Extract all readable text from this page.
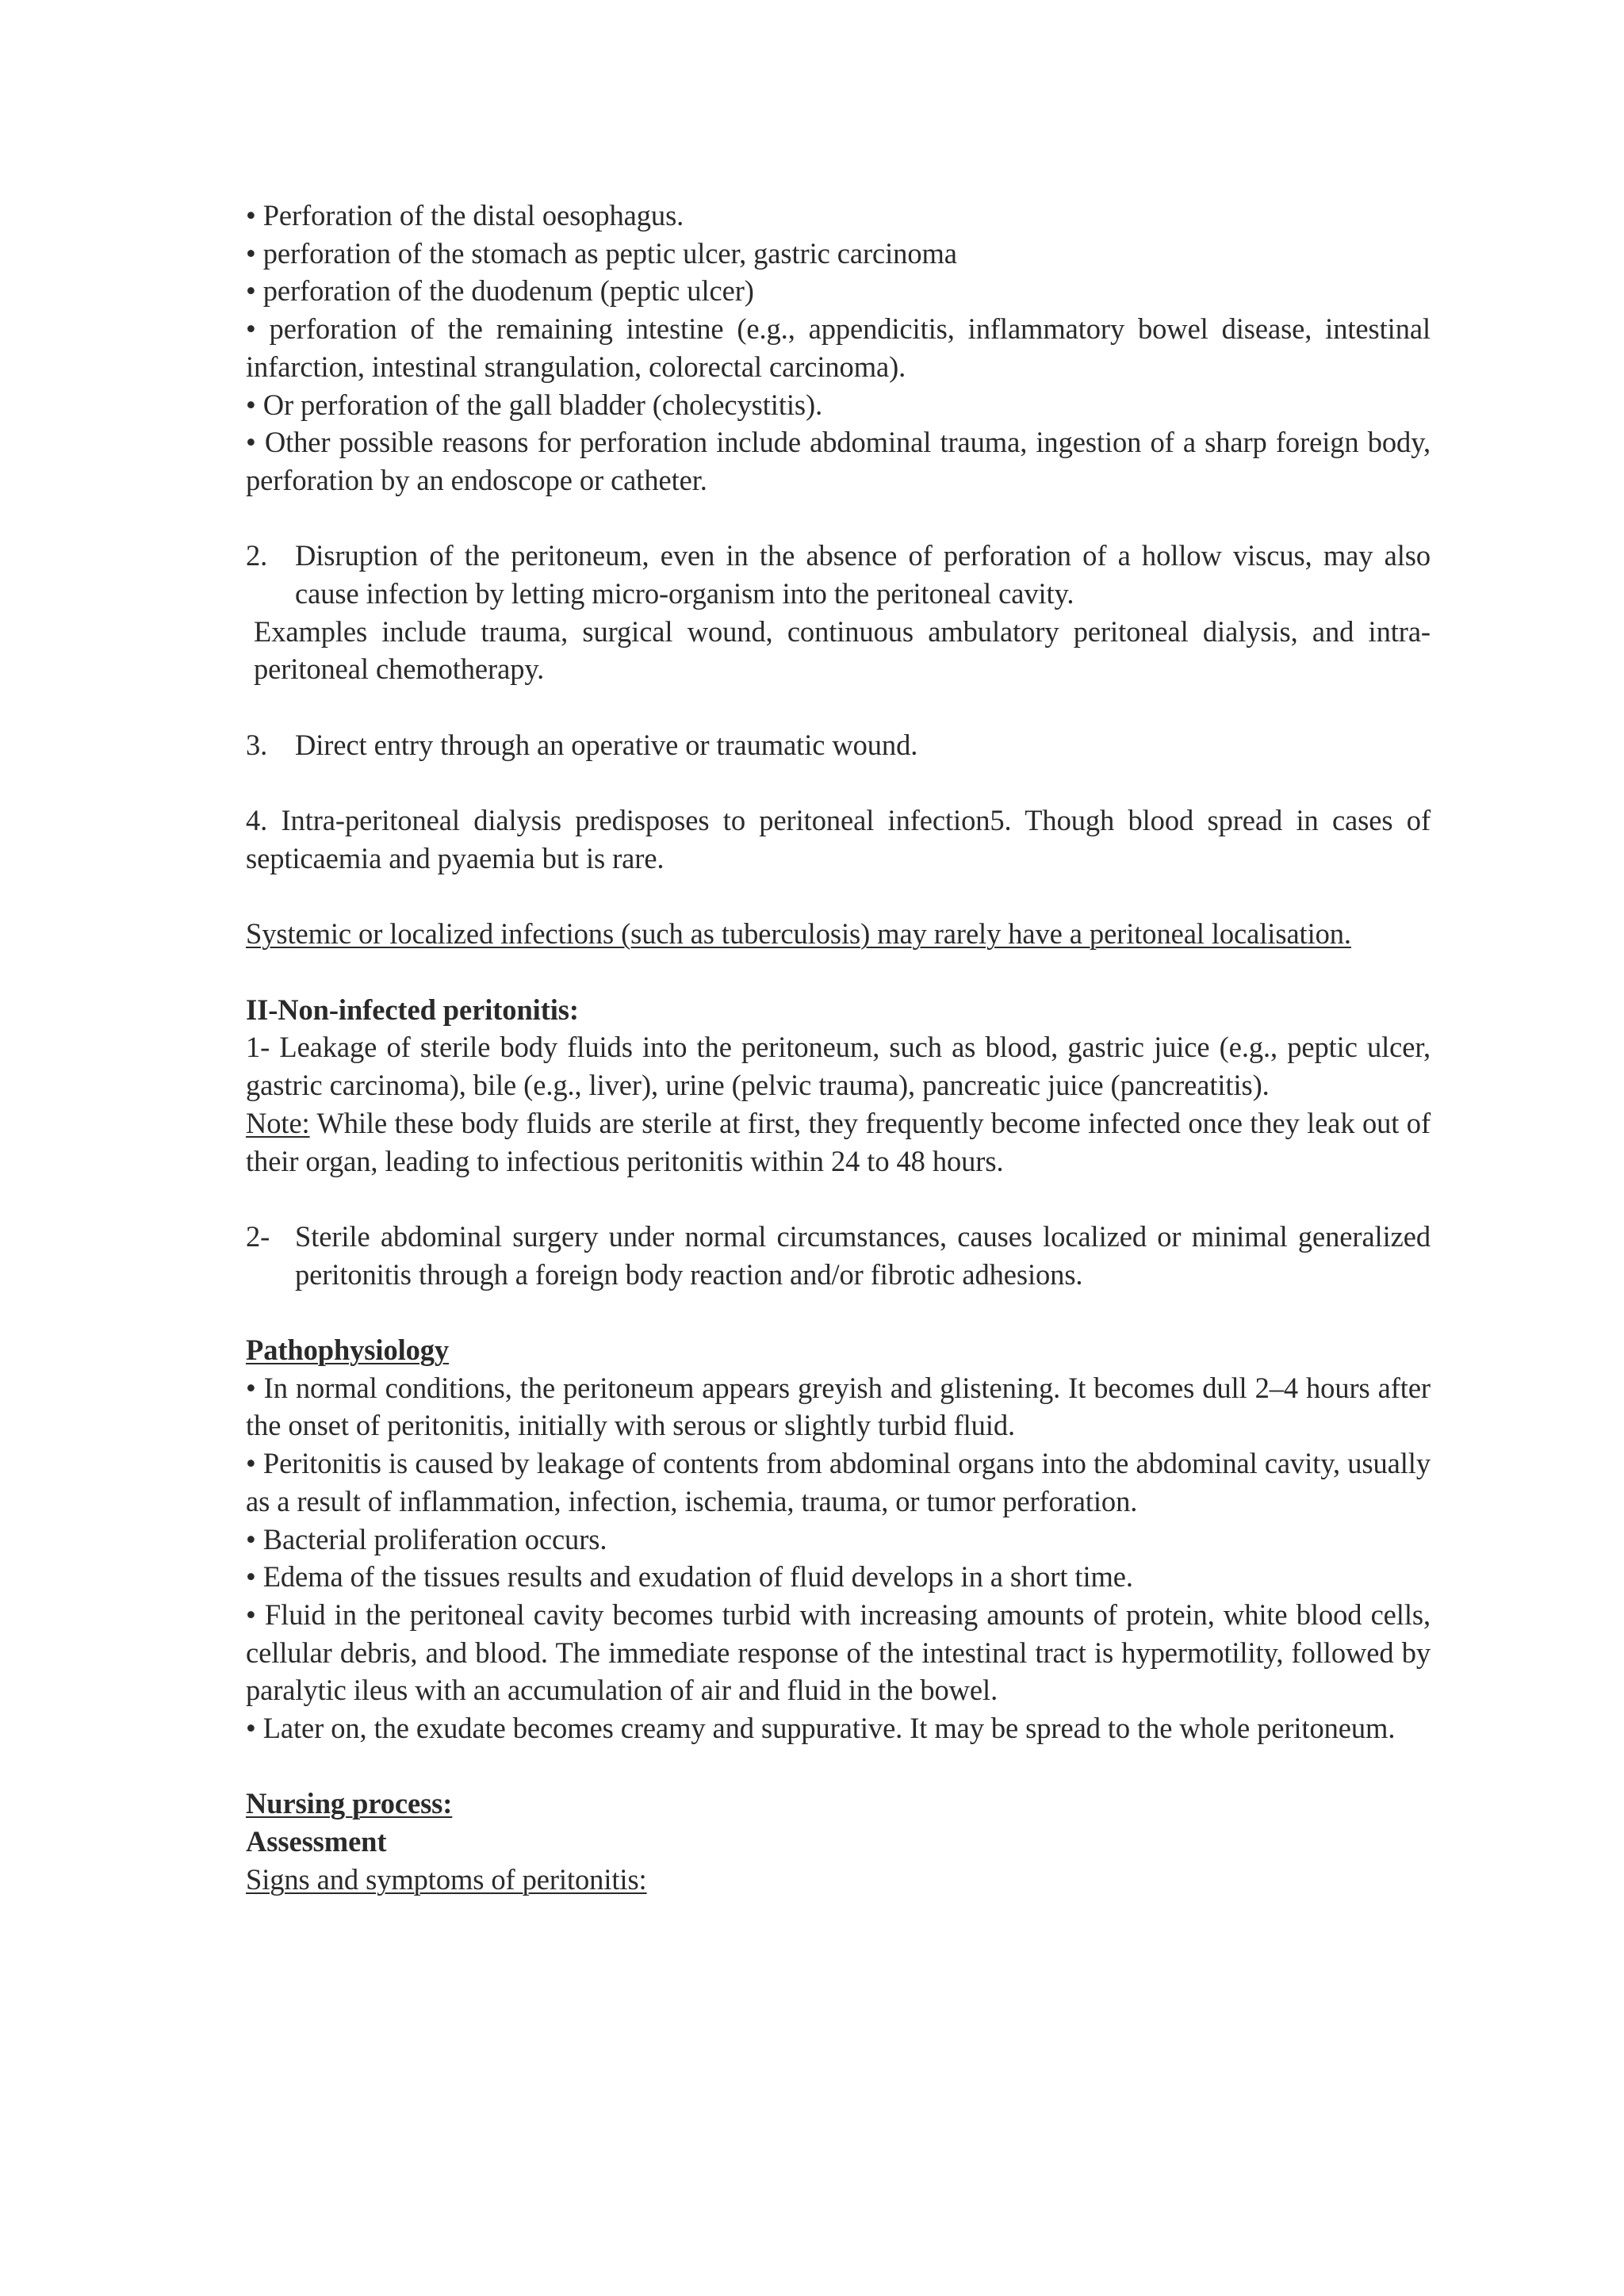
• Perforation of the distal oesophagus.

• perforation of the stomach as peptic ulcer, gastric carcinoma

• perforation of the duodenum (peptic ulcer)

• perforation of the remaining intestine (e.g., appendicitis, inflammatory bowel disease, intestinal infarction, intestinal strangulation, colorectal carcinoma).

• Or perforation of the gall bladder (cholecystitis).

• Other possible reasons for perforation include abdominal trauma, ingestion of a sharp foreign body, perforation by an endoscope or catheter.

2. Disruption of the peritoneum, even in the absence of perforation of a hollow viscus, may also cause infection by letting micro-organism into the peritoneal cavity.

Examples include trauma, surgical wound, continuous ambulatory peritoneal dialysis, and intra-peritoneal chemotherapy.

3. Direct entry through an operative or traumatic wound.

4. Intra-peritoneal dialysis predisposes to peritoneal infection5. Though blood spread in cases of septicaemia and pyaemia but is rare.

Systemic or localized infections (such as tuberculosis) may rarely have a peritoneal localisation.

II-Non-infected peritonitis:

1- Leakage of sterile body fluids into the peritoneum, such as blood, gastric juice (e.g., peptic ulcer, gastric carcinoma), bile (e.g., liver), urine (pelvic trauma), pancreatic juice (pancreatitis).

Note: While these body fluids are sterile at first, they frequently become infected once they leak out of their organ, leading to infectious peritonitis within 24 to 48 hours.

2- Sterile abdominal surgery under normal circumstances, causes localized or minimal generalized peritonitis through a foreign body reaction and/or fibrotic adhesions.

Pathophysiology

• In normal conditions, the peritoneum appears greyish and glistening. It becomes dull 2–4 hours after the onset of peritonitis, initially with serous or slightly turbid fluid.

• Peritonitis is caused by leakage of contents from abdominal organs into the abdominal cavity, usually as a result of inflammation, infection, ischemia, trauma, or tumor perforation.

• Bacterial proliferation occurs.

• Edema of the tissues results and exudation of fluid develops in a short time.

• Fluid in the peritoneal cavity becomes turbid with increasing amounts of protein, white blood cells, cellular debris, and blood. The immediate response of the intestinal tract is hypermotility, followed by paralytic ileus with an accumulation of air and fluid in the bowel.

• Later on, the exudate becomes creamy and suppurative. It may be spread to the whole peritoneum.

Nursing process:

Assessment

Signs and symptoms of peritonitis:
